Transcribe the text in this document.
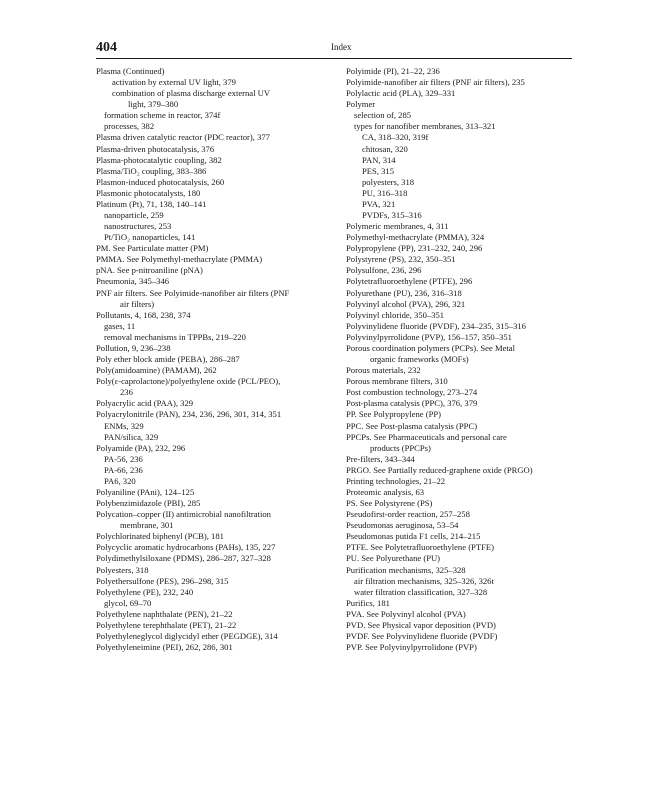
404	Index
Plasma (Continued)
activation by external UV light, 379
combination of plasma discharge external UV
light, 379–380
formation scheme in reactor, 374f
processes, 382
Plasma driven catalytic reactor (PDC reactor), 377
Plasma-driven photocatalysis, 376
Plasma-photocatalytic coupling, 382
Plasma/TiO₂ coupling, 383–386
Plasmon-induced photocatalysis, 260
Plasmonic photocatalysts, 180
Platinum (Pt), 71, 138, 140–141
nanoparticle, 259
nanostructures, 253
Pt/TiO₂ nanoparticles, 141
PM. See Particulate matter (PM)
PMMA. See Polymethyl-methacrylate (PMMA)
pNA. See p-nitroaniline (pNA)
Pneumonia, 345–346
PNF air filters. See Polyimide-nanofiber air filters (PNF
air filters)
Pollutants, 4, 168, 238, 374
gases, 11
removal mechanisms in TPPBs, 219–220
Pollution, 9, 236–238
Poly ether block amide (PEBA), 286–287
Poly(amidoamine) (PAMAM), 262
Poly(ε-caprolactone)/polyethylene oxide (PCL/PEO),
236
Polyacrylic acid (PAA), 329
Polyacrylonitrile (PAN), 234, 236, 296, 301, 314, 351
ENMs, 329
PAN/silica, 329
Polyamide (PA), 232, 296
PA-56, 236
PA-66, 236
PA6, 320
Polyaniline (PAni), 124–125
Polybenzimidazole (PBI), 285
Polycation–copper (II) antimicrobial nanofiltration
membrane, 301
Polychlorinated biphenyl (PCB), 181
Polycyclic aromatic hydrocarbons (PAHs), 135, 227
Polydimethylsiloxane (PDMS), 286–287, 327–328
Polyesters, 318
Polyethersulfone (PES), 296–298, 315
Polyethylene (PE), 232, 240
glycol, 69–70
Polyethylene naphthalate (PEN), 21–22
Polyethylene terephthalate (PET), 21–22
Polyethyleneglycol diglycidyl ether (PEGDGE), 314
Polyethyleneimine (PEI), 262, 286, 301
Polyimide (PI), 21–22, 236
Polyimide-nanofiber air filters (PNF air filters), 235
Polylactic acid (PLA), 329–331
Polymer
selection of, 285
types for nanofiber membranes, 313–321
CA, 318–320, 319f
chitosan, 320
PAN, 314
PES, 315
polyesters, 318
PU, 316–318
PVA, 321
PVDFs, 315–316
Polymeric membranes, 4, 311
Polymethyl-methacrylate (PMMA), 324
Polypropylene (PP), 231–232, 240, 296
Polystyrene (PS), 232, 350–351
Polysulfone, 236, 296
Polytetrafluoroethylene (PTFE), 296
Polyurethane (PU), 236, 316–318
Polyvinyl alcohol (PVA), 296, 321
Polyvinyl chloride, 350–351
Polyvinylidene fluoride (PVDF), 234–235, 315–316
Polyvinylpyrrolidone (PVP), 156–157, 350–351
Porous coordination polymers (PCPs). See Metal
organic frameworks (MOFs)
Porous materials, 232
Porous membrane filters, 310
Post combustion technology, 273–274
Post-plasma catalysis (PPC), 376, 379
PP. See Polypropylene (PP)
PPC. See Post-plasma catalysis (PPC)
PPCPs. See Pharmaceuticals and personal care
products (PPCPs)
Pre-filters, 343–344
PRGO. See Partially reduced-graphene oxide (PRGO)
Printing technologies, 21–22
Proteomic analysis, 63
PS. See Polystyrene (PS)
Pseudofirst-order reaction, 257–258
Pseudomonas aeruginosa, 53–54
Pseudomonas putida F1 cells, 214–215
PTFE. See Polytetrafluoroethylene (PTFE)
PU. See Polyurethane (PU)
Purification mechanisms, 325–328
air filtration mechanisms, 325–326, 326t
water filtration classification, 327–328
Purifics, 181
PVA. See Polyvinyl alcohol (PVA)
PVD. See Physical vapor deposition (PVD)
PVDF. See Polyvinylidene fluoride (PVDF)
PVP. See Polyvinylpyrrolidone (PVP)
